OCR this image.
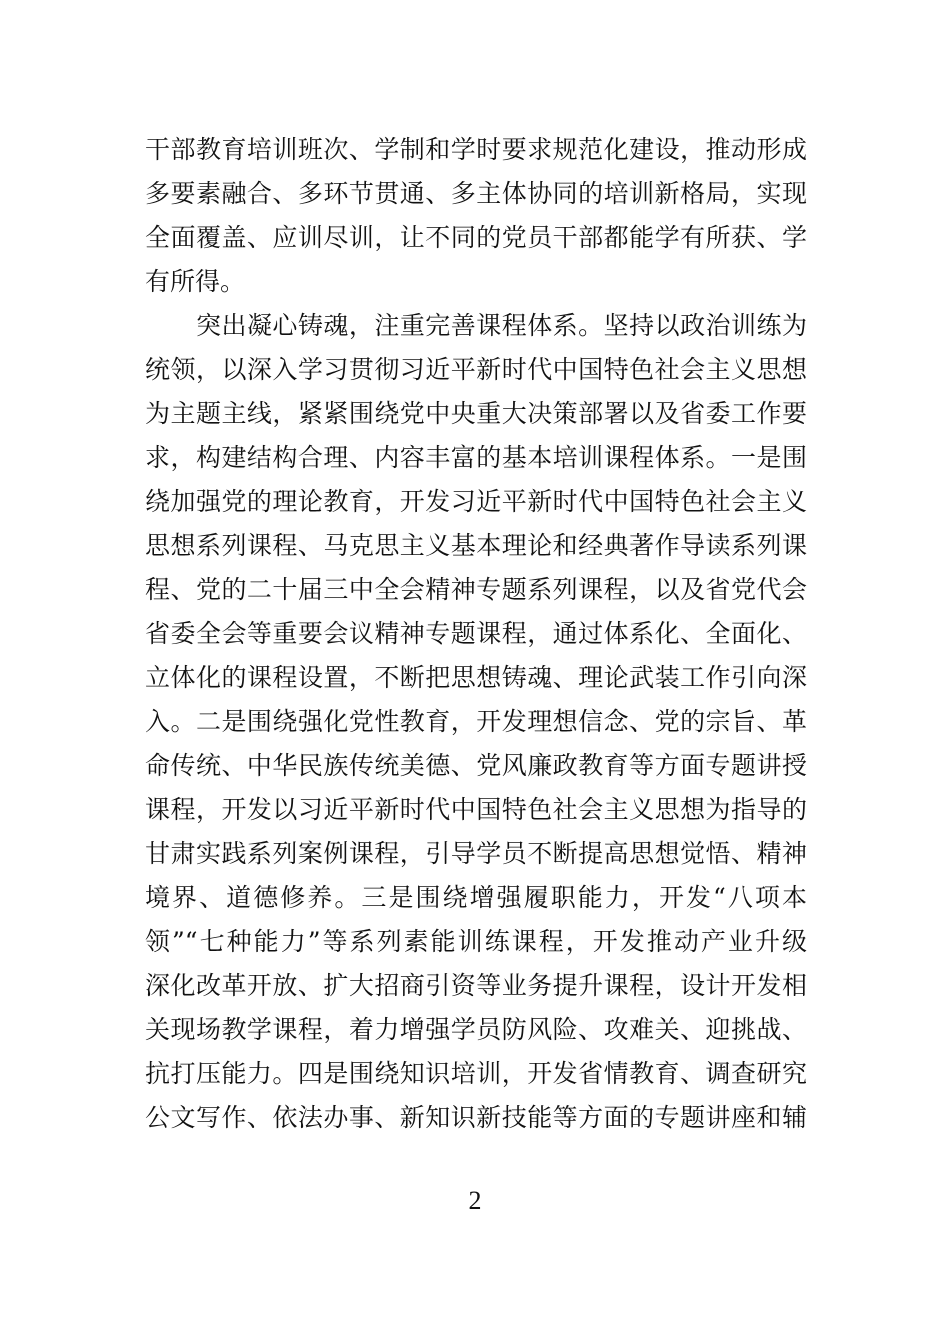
干部教育培训班次、学制和学时要求规范化建设，推动形成
多要素融合、多环节贯通、多主体协同的培训新格局，实现
全面覆盖、应训尽训，让不同的党员干部都能学有所获、学
有所得。
突出凝心铸魂，注重完善课程体系。坚持以政治训练为
统领，以深入学习贯彻习近平新时代中国特色社会主义思想
为主题主线，紧紧围绕党中央重大决策部署以及省委工作要
求，构建结构合理、内容丰富的基本培训课程体系。一是围
绕加强党的理论教育，开发习近平新时代中国特色社会主义
思想系列课程、马克思主义基本理论和经典著作导读系列课
程、党的二十届三中全会精神专题系列课程，以及省党代会
省委全会等重要会议精神专题课程，通过体系化、全面化、
立体化的课程设置，不断把思想铸魂、理论武装工作引向深
入。二是围绕强化党性教育，开发理想信念、党的宗旨、革
命传统、中华民族传统美德、党风廉政教育等方面专题讲授
课程，开发以习近平新时代中国特色社会主义思想为指导的
甘肃实践系列案例课程，引导学员不断提高思想觉悟、精神
境界、道德修养。三是围绕增强履职能力，开发“八项本
领”“七种能力”等系列素能训练课程，开发推动产业升级
深化改革开放、扩大招商引资等业务提升课程，设计开发相
关现场教学课程，着力增强学员防风险、攻难关、迎挑战、
抗打压能力。四是围绕知识培训，开发省情教育、调查研究
公文写作、依法办事、新知识新技能等方面的专题讲座和辅
2
